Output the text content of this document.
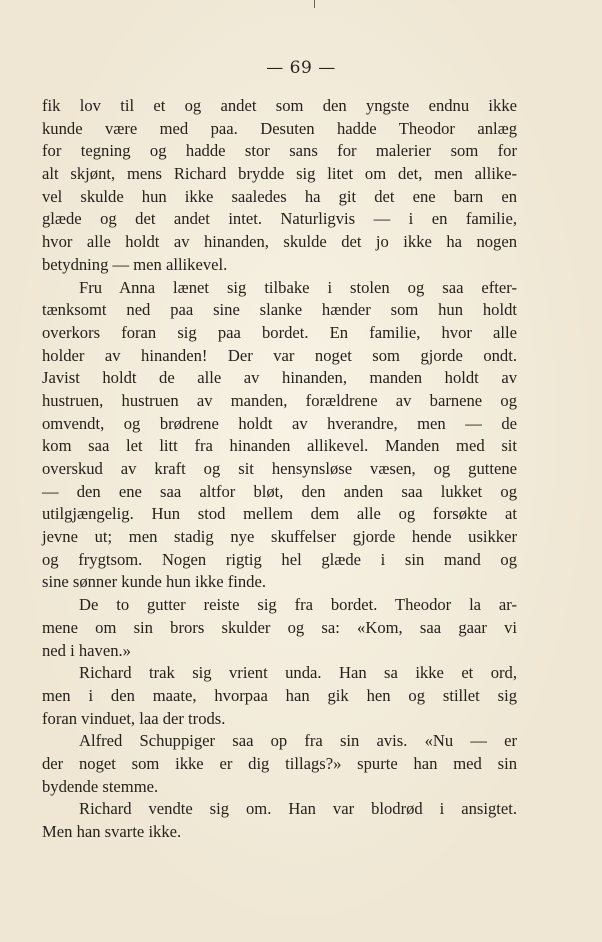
— 69 —
fik lov til et og andet som den yngste endnu ikke
kunde være med paa. Desuten hadde Theodor anlæg
for tegning og hadde stor sans for malerier som for
alt skjønt, mens Richard brydde sig litet om det, men allike-
vel skulde hun ikke saaledes ha git det ene barn en
glæde og det andet intet. Naturligvis — i en familie,
hvor alle holdt av hinanden, skulde det jo ikke ha nogen
betydning — men allikevel.
Fru Anna lænet sig tilbake i stolen og saa efter-
tænksomt ned paa sine slanke hænder som hun holdt
overkors foran sig paa bordet. En familie, hvor alle
holder av hinanden! Der var noget som gjorde ondt.
Javist holdt de alle av hinanden, manden holdt av
hustruen, hustruen av manden, forældrene av barnene og
omvendt, og brødrene holdt av hverandre, men — de
kom saa let litt fra hinanden allikevel. Manden med sit
overskud av kraft og sit hensynsløse væsen, og guttene
— den ene saa altfor bløt, den anden saa lukket og
utilgjængelig. Hun stod mellem dem alle og forsøkte at
jevne ut; men stadig nye skuffelser gjorde hende usikker
og frygtsom. Nogen rigtig hel glæde i sin mand og
sine sønner kunde hun ikke finde.
De to gutter reiste sig fra bordet. Theodor la ar-
mene om sin brors skulder og sa: «Kom, saa gaar vi
ned i haven.»
Richard trak sig vrient unda. Han sa ikke et ord,
men i den maate, hvorpaa han gik hen og stillet sig
foran vinduet, laa der trods.
Alfred Schuppiger saa op fra sin avis. «Nu — er
der noget som ikke er dig tillags?» spurte han med sin
bydende stemme.
Richard vendte sig om. Han var blodrød i ansigtet.
Men han svarte ikke.
